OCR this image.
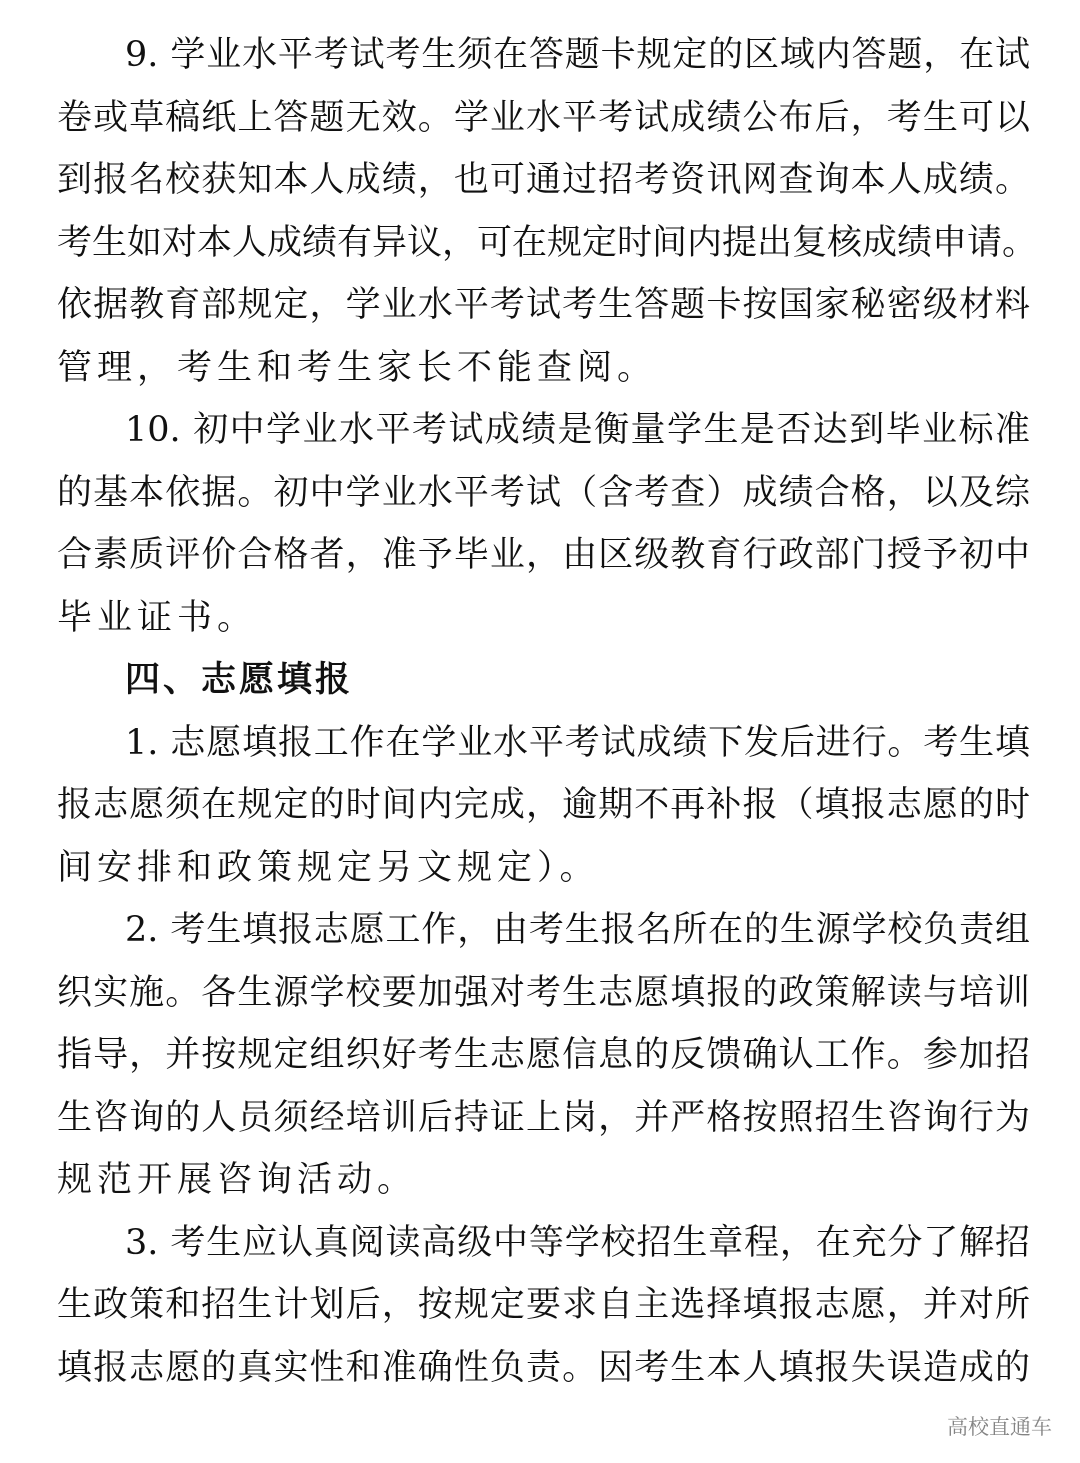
9. 学业水平考试考生须在答题卡规定的区域内答题，在试
卷或草稿纸上答题无效。学业水平考试成绩公布后，考生可以
到报名校获知本人成绩，也可通过招考资讯网查询本人成绩。
考生如对本人成绩有异议，可在规定时间内提出复核成绩申请。
依据教育部规定，学业水平考试考生答题卡按国家秘密级材料
管理，考生和考生家长不能查阅。
10. 初中学业水平考试成绩是衡量学生是否达到毕业标准
的基本依据。初中学业水平考试（含考查）成绩合格，以及综
合素质评价合格者，准予毕业，由区级教育行政部门授予初中
毕业证书。
四、志愿填报
1. 志愿填报工作在学业水平考试成绩下发后进行。考生填
报志愿须在规定的时间内完成，逾期不再补报（填报志愿的时
间安排和政策规定另文规定）。
2. 考生填报志愿工作，由考生报名所在的生源学校负责组
织实施。各生源学校要加强对考生志愿填报的政策解读与培训
指导，并按规定组织好考生志愿信息的反馈确认工作。参加招
生咨询的人员须经培训后持证上岗，并严格按照招生咨询行为
规范开展咨询活动。
3. 考生应认真阅读高级中等学校招生章程，在充分了解招
生政策和招生计划后，按规定要求自主选择填报志愿，并对所
填报志愿的真实性和准确性负责。因考生本人填报失误造成的
高校直通车
